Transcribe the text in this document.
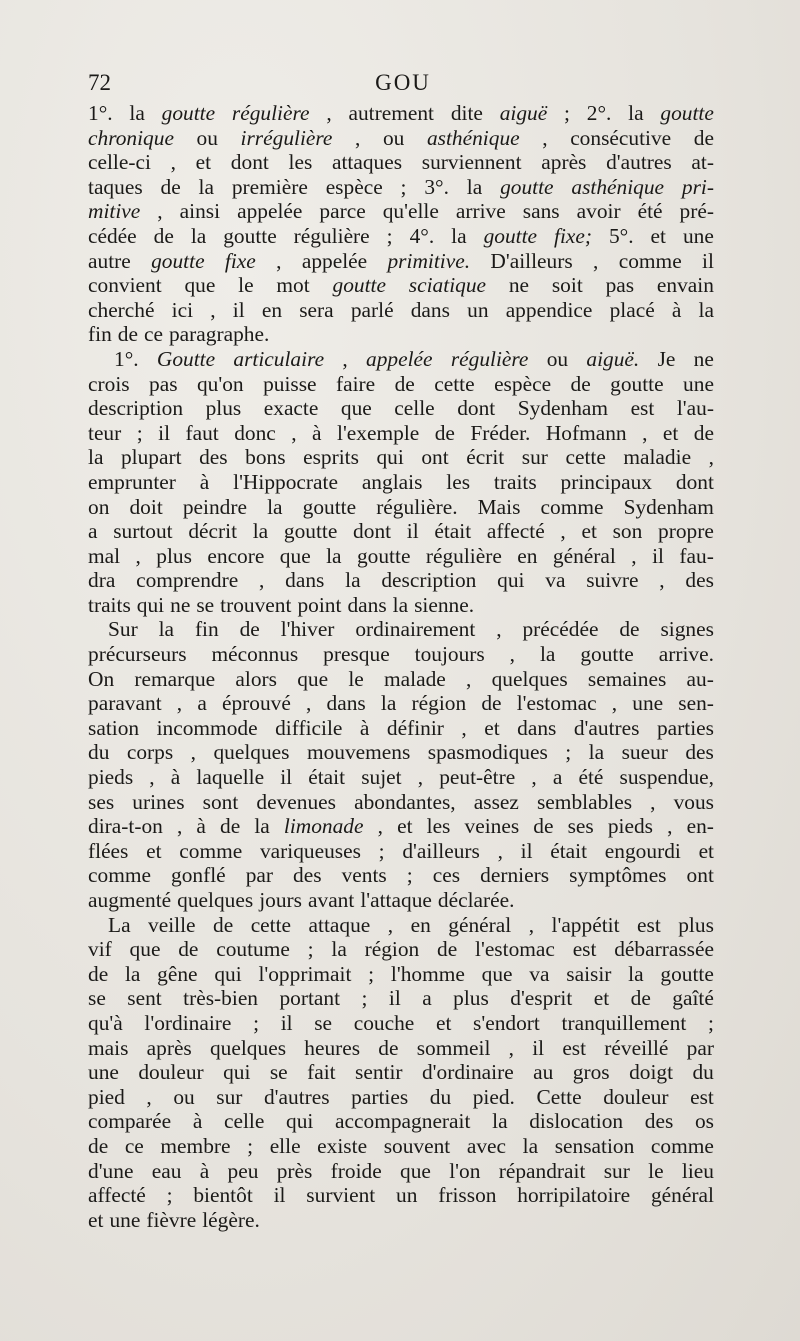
72	GOU
1°. la goutte régulière , autrement dite aiguë ; 2°. la goutte
chronique ou irrégulière , ou asthénique , consécutive de
celle-ci , et dont les attaques surviennent après d'autres at-
taques de la première espèce ; 3°. la goutte asthénique pri-
mitive , ainsi appelée parce qu'elle arrive sans avoir été pré-
cédée de la goutte régulière ; 4°. la goutte fixe; 5°. et une
autre goutte fixe , appelée primitive. D'ailleurs , comme il
convient que le mot goutte sciatique ne soit pas envain
cherché ici , il en sera parlé dans un appendice placé à la
fin de ce paragraphe.
1°. Goutte articulaire , appelée régulière ou aiguë. Je ne
crois pas qu'on puisse faire de cette espèce de goutte une
description plus exacte que celle dont Sydenham est l'au-
teur ; il faut donc , à l'exemple de Fréder. Hofmann , et de
la plupart des bons esprits qui ont écrit sur cette maladie ,
emprunter à l'Hippocrate anglais les traits principaux dont
on doit peindre la goutte régulière. Mais comme Sydenham
a surtout décrit la goutte dont il était affecté , et son propre
mal , plus encore que la goutte régulière en général , il fau-
dra comprendre , dans la description qui va suivre , des
traits qui ne se trouvent point dans la sienne.
Sur la fin de l'hiver ordinairement , précédée de signes
précurseurs méconnus presque toujours , la goutte arrive.
On remarque alors que le malade , quelques semaines au-
paravant , a éprouvé , dans la région de l'estomac , une sen-
sation incommode difficile à définir , et dans d'autres parties
du corps , quelques mouvemens spasmodiques ; la sueur des
pieds , à laquelle il était sujet , peut-être , a été suspendue,
ses urines sont devenues abondantes, assez semblables , vous
dira-t-on , à de la limonade , et les veines de ses pieds , en-
flées et comme variqueuses ; d'ailleurs , il était engourdi et
comme gonflé par des vents ; ces derniers symptômes ont
augmenté quelques jours avant l'attaque déclarée.
La veille de cette attaque , en général , l'appétit est plus
vif que de coutume ; la région de l'estomac est débarrassée
de la gêne qui l'opprimait ; l'homme que va saisir la goutte
se sent très-bien portant ; il a plus d'esprit et de gaîté
qu'à l'ordinaire ; il se couche et s'endort tranquillement ;
mais après quelques heures de sommeil , il est réveillé par
une douleur qui se fait sentir d'ordinaire au gros doigt du
pied , ou sur d'autres parties du pied. Cette douleur est
comparée à celle qui accompagnerait la dislocation des os
de ce membre ; elle existe souvent avec la sensation comme
d'une eau à peu près froide que l'on répandrait sur le lieu
affecté ; bientôt il survient un frisson horripilatoire général
et une fièvre légère.
